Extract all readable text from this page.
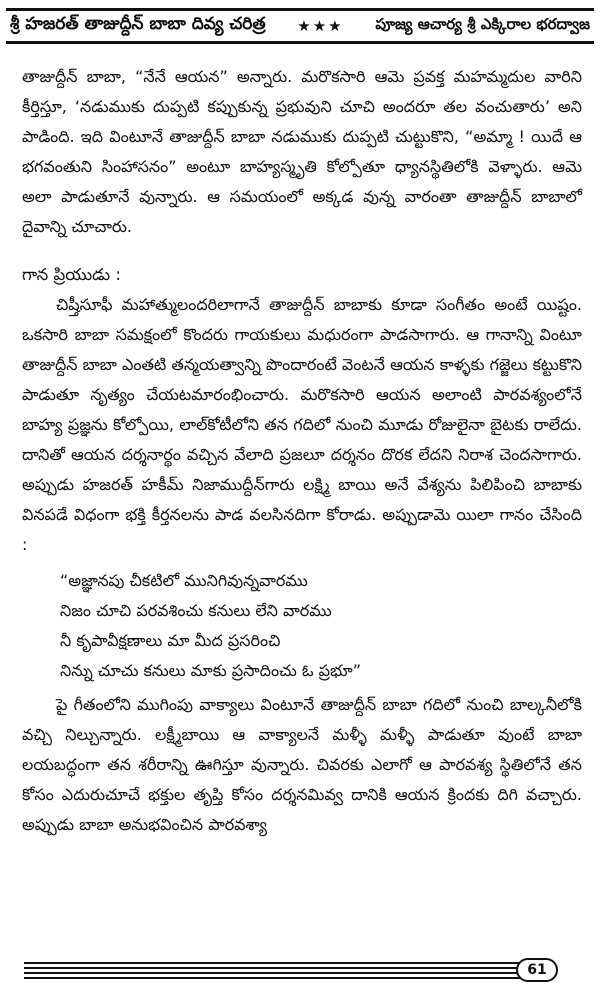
శ్రీ హజరత్ తాజుద్దీన్ బాబా దివ్య చరిత్ర ★★★ పూజ్య ఆచార్య శ్రీ ఎక్కిరాల భరద్వాజ
తాజుద్దీన్ బాబా, “నేనే ఆయన” అన్నారు. మరొకసారి ఆమె ప్రవక్త మహమ్మదుల వారిని కీర్తిస్తూ, ‘నడుముకు దుప్పటి కప్పుకున్న ప్రభువుని చూచి అందరూ తల వంచుతారు’ అని పాడింది. ఇది వింటూనే తాజుద్దీన్ బాబా నడుముకు దుప్పటి చుట్టుకొని, “అమ్మా ! యిదే ఆ భగవంతుని సింహాసనం” అంటూ బాహ్యస్మృతి కోల్పోతూ ధ్యానస్థితిలోకి వెళ్ళారు. ఆమె అలా పాడుతూనే వున్నారు. ఆ సమయంలో అక్కడ వున్న వారంతా తాజుద్దీన్ బాబాలో దైవాన్ని చూచారు.
గాన ప్రియుడు :
చిష్తీసూఫీ మహాత్ములందరిలాగానే తాజుద్దీన్ బాబాకు కూడా సంగీతం అంటే యిష్టం. ఒకసారి బాబా సమక్షంలో కొందరు గాయకులు మధురంగా పాడసాగారు. ఆ గానాన్ని వింటూ తాజుద్దీన్ బాబా ఎంతటి తన్మయత్వాన్ని పొందారంటే వెంటనే ఆయన కాళ్ళకు గజ్జెలు కట్టుకొని పాడుతూ నృత్యం చేయటమారంభించారు. మరొకసారి ఆయన అలాంటి పారవశ్యంలోనే బాహ్య ప్రజ్ఞను కోల్పోయి, లాల్‌కోటీలోని తన గదిలో నుంచి మూడు రోజులైనా బైటకు రాలేదు. దానితో ఆయన దర్శనార్థం వచ్చిన వేలాది ప్రజలూ దర్శనం దొరక లేదని నిరాశ చెందసాగారు. అప్పుడు హజరత్ హకీమ్ నిజాముద్దీన్‌గారు లక్ష్మి బాయి అనే వేశ్యను పిలిపించి బాబాకు వినపడే విధంగా భక్తి కీర్తనలను పాడ వలసినదిగా కోరాడు. అప్పుడామె యిలా గానం చేసింది :
“అజ్ఞానపు చీకటిలో మునిగివున్నవారము
నిజం చూచి పరవశించు కనులు లేని వారము
నీ కృపావీక్షణాలు మా మీద ప్రసరించి
నిన్ను చూచు కనులు మాకు ప్రసాదించు ఓ ప్రభూ”
పై గీతంలోని ముగింపు వాక్యాలు వింటూనే తాజుద్దీన్ బాబా గదిలో నుంచి బాల్కనీలోకి వచ్చి నిల్చున్నారు. లక్ష్మీబాయి ఆ వాక్యాలనే మళ్ళీ మళ్ళీ పాడుతూ వుంటే బాబా లయబద్ధంగా తన శరీరాన్ని ఊగిస్తూ వున్నారు. చివరకు ఎలాగో ఆ పారవశ్య స్థితిలోనే తన కోసం ఎదురుచూచే భక్తుల తృప్తి కోసం దర్శనమివ్వ దానికి ఆయన క్రిందకు దిగి వచ్చారు. అప్పుడు బాబా అనుభవించిన పారవశ్యా
61
